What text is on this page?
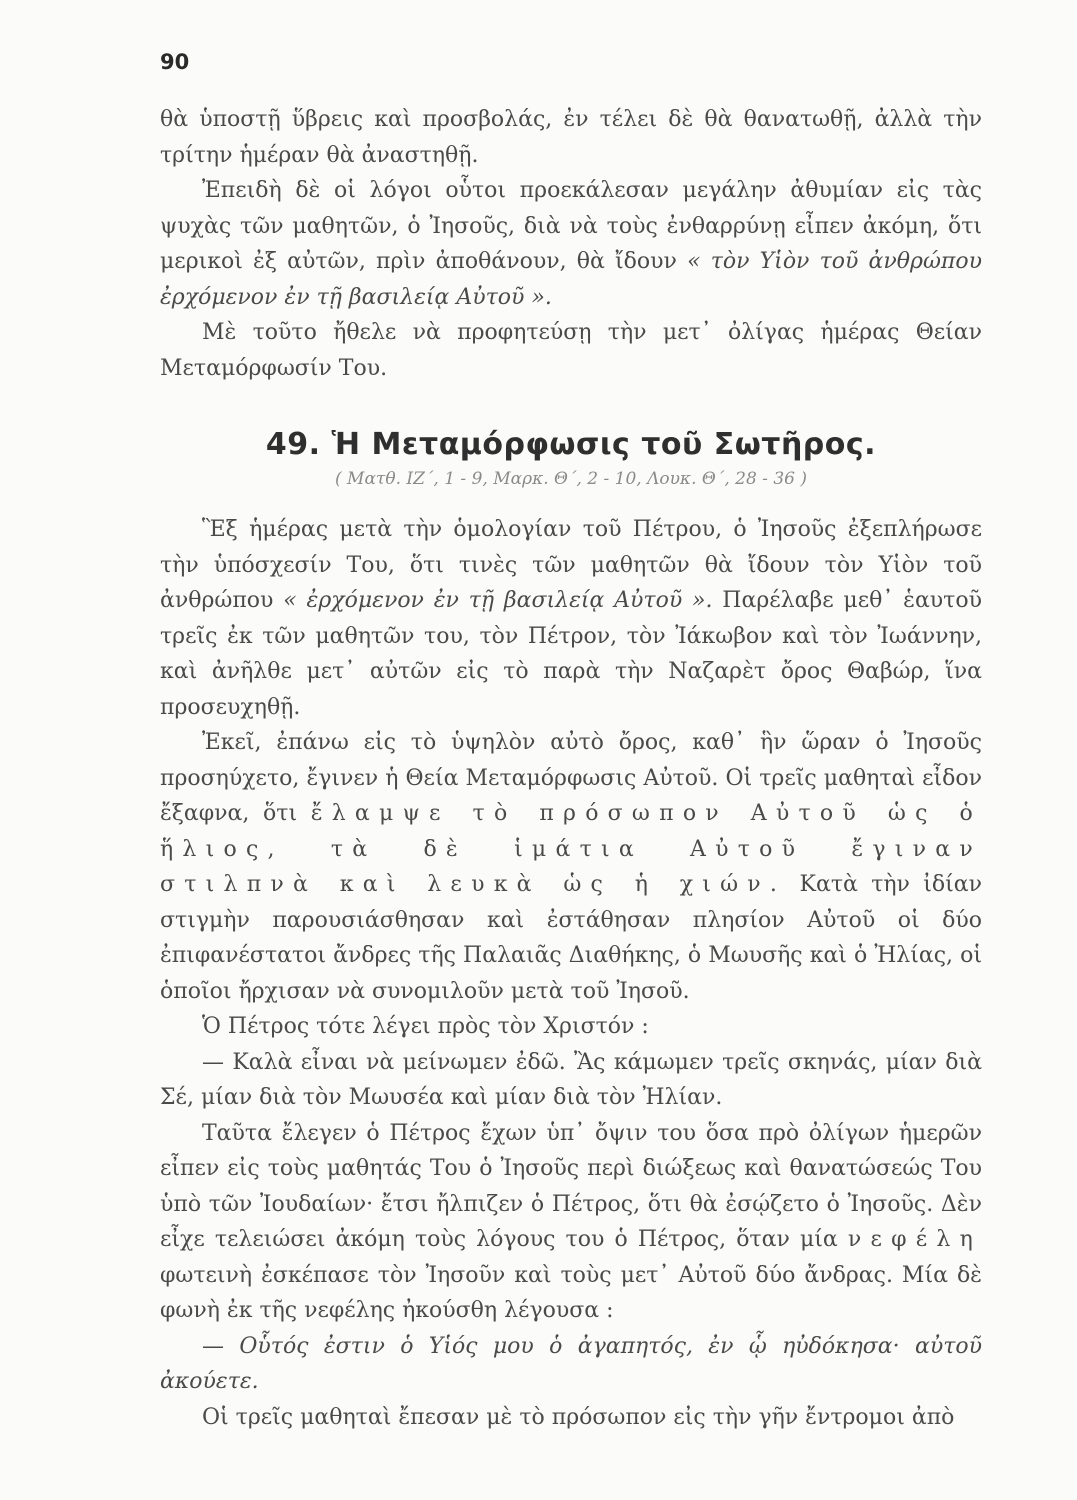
90

θὰ ὑποστῇ ὕβρεις καὶ προσβολάς, ἐν τέλει δὲ θὰ θανατωθῇ, ἀλλὰ τὴν τρίτην ἡμέραν θὰ ἀναστηθῇ.

Ἐπειδὴ δὲ οἱ λόγοι οὗτοι προεκάλεσαν μεγάλην ἀθυμίαν εἰς τὰς ψυχὰς τῶν μαθητῶν, ὁ Ἰησοῦς, διὰ νὰ τοὺς ἐνθαρρύνῃ εἶπεν ἀκόμη, ὅτι μερικοὶ ἐξ αὐτῶν, πρὶν ἀποθάνουν, θὰ ἴδουν « τὸν Υἱὸν τοῦ ἀνθρώπου ἐρχόμενον ἐν τῇ βασιλείᾳ Αὐτοῦ ».

Μὲ τοῦτο ἤθελε νὰ προφητεύσῃ τὴν μετ᾽ ὀλίγας ἡμέρας Θείαν Μεταμόρφωσίν Του.

49. Ἡ Μεταμόρφωσις τοῦ Σωτῆρος.

( Ματθ. ΙΖ΄, 1 - 9, Μαρκ. Θ΄, 2 - 10, Λουκ. Θ΄, 28 - 36 )

Ἓξ ἡμέρας μετὰ τὴν ὁμολογίαν τοῦ Πέτρου, ὁ Ἰησοῦς ἐξεπλήρωσε τὴν ὑπόσχεσίν Του, ὅτι τινὲς τῶν μαθητῶν θὰ ἴδουν τὸν Υἱὸν τοῦ ἀνθρώπου « ἐρχόμενον ἐν τῇ βασιλείᾳ Αὐτοῦ ». Παρέλαβε μεθ᾽ ἑαυτοῦ τρεῖς ἐκ τῶν μαθητῶν του, τὸν Πέτρον, τὸν Ἰάκωβον καὶ τὸν Ἰωάννην, καὶ ἀνῆλθε μετ᾽ αὐτῶν εἰς τὸ παρὰ τὴν Ναζαρὲτ ὄρος Θαβώρ, ἵνα προσευχηθῇ.

Ἐκεῖ, ἐπάνω εἰς τὸ ὑψηλὸν αὐτὸ ὄρος, καθ᾽ ἣν ὥραν ὁ Ἰησοῦς προσηύχετο, ἔγινεν ἡ Θεία Μεταμόρφωσις Αὐτοῦ. Οἱ τρεῖς μαθηταὶ εἶδον ἔξαφνα, ὅτι ἔλαμψε τὸ πρόσωπον Αὐτοῦ ὡς ὁ ἥλιος, τὰ δὲ ἱμάτια Αὐτοῦ ἔγιναν στιλπνὰ καὶ λευκὰ ὡς ἡ χιών. Κατὰ τὴν ἰδίαν στιγμὴν παρουσιάσθησαν καὶ ἐστάθησαν πλησίον Αὐτοῦ οἱ δύο ἐπιφανέστατοι ἄνδρες τῆς Παλαιᾶς Διαθήκης, ὁ Μωυσῆς καὶ ὁ Ἠλίας, οἱ ὁποῖοι ἤρχισαν νὰ συνομιλοῦν μετὰ τοῦ Ἰησοῦ.

Ὁ Πέτρος τότε λέγει πρὸς τὸν Χριστόν :

— Καλὰ εἶναι νὰ μείνωμεν ἐδῶ. Ἂς κάμωμεν τρεῖς σκηνάς, μίαν διὰ Σέ, μίαν διὰ τὸν Μωυσέα καὶ μίαν διὰ τὸν Ἠλίαν.

Ταῦτα ἔλεγεν ὁ Πέτρος ἔχων ὑπ᾽ ὄψιν του ὅσα πρὸ ὀλίγων ἡμερῶν εἶπεν εἰς τοὺς μαθητάς Του ὁ Ἰησοῦς περὶ διώξεως καὶ θανατώσεώς Του ὑπὸ τῶν Ἰουδαίων· ἔτσι ἤλπιζεν ὁ Πέτρος, ὅτι θὰ ἐσῴζετο ὁ Ἰησοῦς. Δὲν εἶχε τελειώσει ἀκόμη τοὺς λόγους του ὁ Πέτρος, ὅταν μία νεφέλη φωτεινὴ ἐσκέπασε τὸν Ἰησοῦν καὶ τοὺς μετ᾽ Αὐτοῦ δύο ἄνδρας. Μία δὲ φωνὴ ἐκ τῆς νεφέλης ἠκούσθη λέγουσα :

— Οὗτός ἐστιν ὁ Υἱός μου ὁ ἀγαπητός, ἐν ᾧ ηὐδόκησα· αὐτοῦ ἀκούετε.

Οἱ τρεῖς μαθηταὶ ἔπεσαν μὲ τὸ πρόσωπον εἰς τὴν γῆν ἔντρομοι ἀπὸ
